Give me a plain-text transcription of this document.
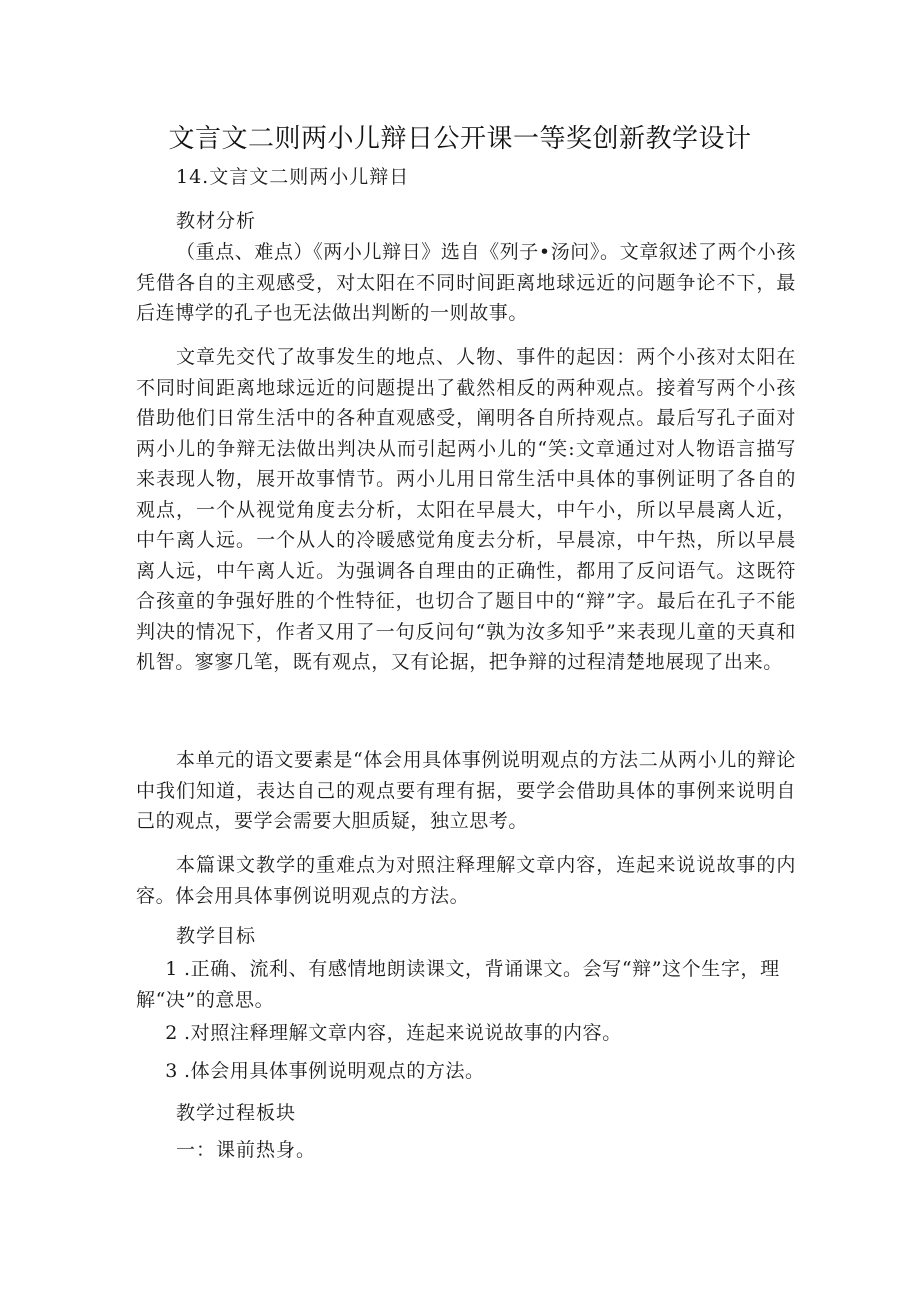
文言文二则两小儿辩日公开课一等奖创新教学设计
14.文言文二则两小儿辩日
教材分析
（重点、难点）《两小儿辩日》选自《列子•汤问》。文章叙述了两个小孩凭借各自的主观感受，对太阳在不同时间距离地球远近的问题争论不下，最后连博学的孔子也无法做出判断的一则故事。
文章先交代了故事发生的地点、人物、事件的起因：两个小孩对太阳在不同时间距离地球远近的问题提出了截然相反的两种观点。接着写两个小孩借助他们日常生活中的各种直观感受，阐明各自所持观点。最后写孔子面对两小儿的争辩无法做出判决从而引起两小儿的“笑:文章通过对人物语言描写来表现人物，展开故事情节。两小儿用日常生活中具体的事例证明了各自的观点，一个从视觉角度去分析，太阳在早晨大，中午小，所以早晨离人近，中午离人远。一个从人的冷暖感觉角度去分析，早晨凉，中午热，所以早晨离人远，中午离人近。为强调各自理由的正确性，都用了反问语气。这既符合孩童的争强好胜的个性特征，也切合了题目中的“辩”字。最后在孔子不能判决的情况下，作者又用了一句反问句“孰为汝多知乎”来表现儿童的天真和机智。寥寥几笔，既有观点，又有论据，把争辩的过程清楚地展现了出来。
本单元的语文要素是“体会用具体事例说明观点的方法二从两小儿的辩论中我们知道，表达自己的观点要有理有据，要学会借助具体的事例来说明自己的观点，要学会需要大胆质疑，独立思考。
本篇课文教学的重难点为对照注释理解文章内容，连起来说说故事的内容。体会用具体事例说明观点的方法。
教学目标
1 .正确、流利、有感情地朗读课文，背诵课文。会写“辩”这个生字，理解“决”的意思。
2 .对照注释理解文章内容，连起来说说故事的内容。
3 .体会用具体事例说明观点的方法。
教学过程板块
一：课前热身。
